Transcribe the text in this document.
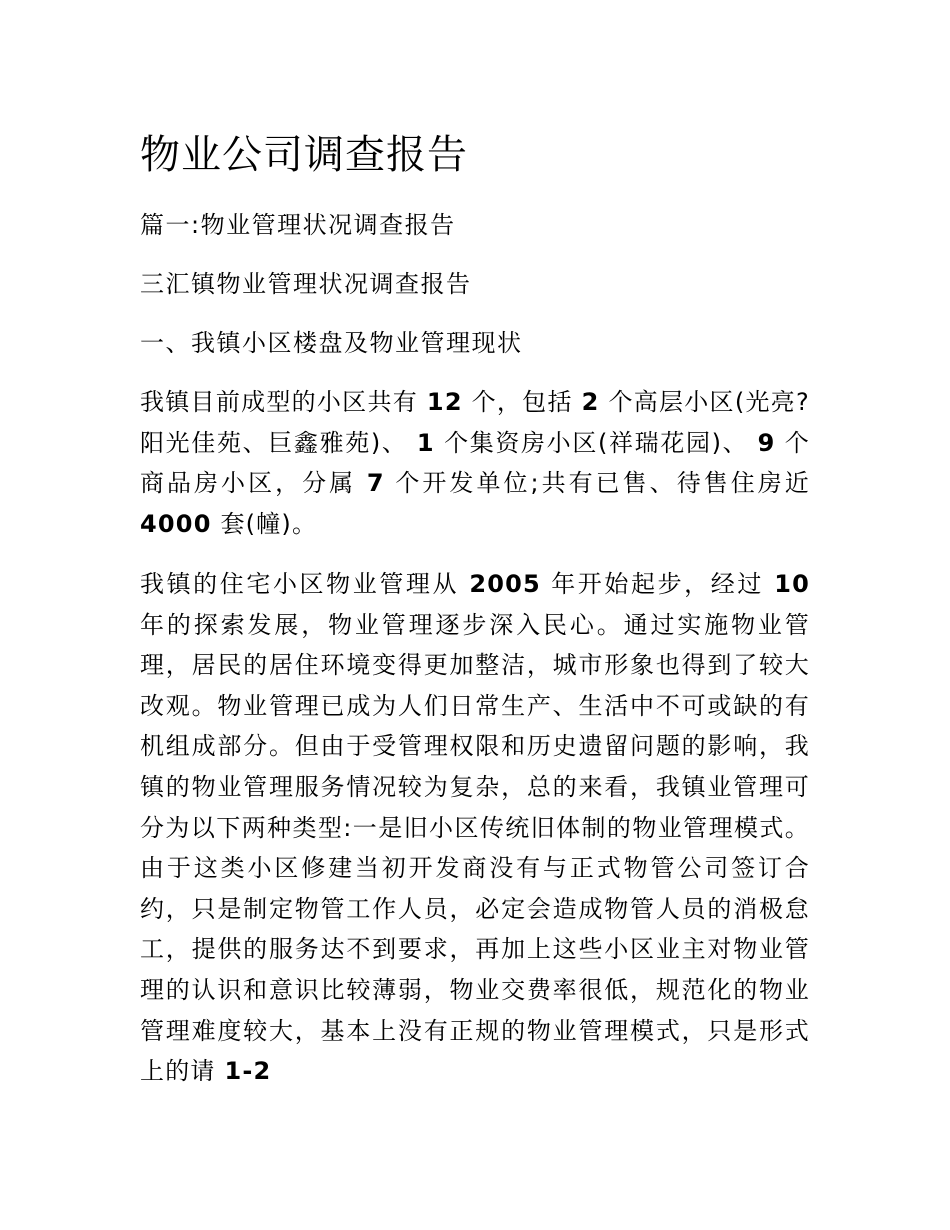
物业公司调查报告

篇一:物业管理状况调查报告

三汇镇物业管理状况调查报告

一、我镇小区楼盘及物业管理现状

我镇目前成型的小区共有 12 个，包括 2 个高层小区(光亮?阳光佳苑、巨鑫雅苑)、 1 个集资房小区(祥瑞花园)、 9 个商品房小区，分属 7 个开发单位;共有已售、待售住房近 4000 套(幢)。

我镇的住宅小区物业管理从 2005 年开始起步，经过 10 年的探索发展，物业管理逐步深入民心。通过实施物业管理，居民的居住环境变得更加整洁，城市形象也得到了较大改观。物业管理已成为人们日常生产、生活中不可或缺的有机组成部分。但由于受管理权限和历史遗留问题的影响，我镇的物业管理服务情况较为复杂，总的来看，我镇业管理可分为以下两种类型:一是旧小区传统旧体制的物业管理模式。由于这类小区修建当初开发商没有与正式物管公司签订合约，只是制定物管工作人员，必定会造成物管人员的消极怠工，提供的服务达不到要求，再加上这些小区业主对物业管理的认识和意识比较薄弱，物业交费率很低，规范化的物业管理难度较大，基本上没有正规的物业管理模式，只是形式上的请 1-2
